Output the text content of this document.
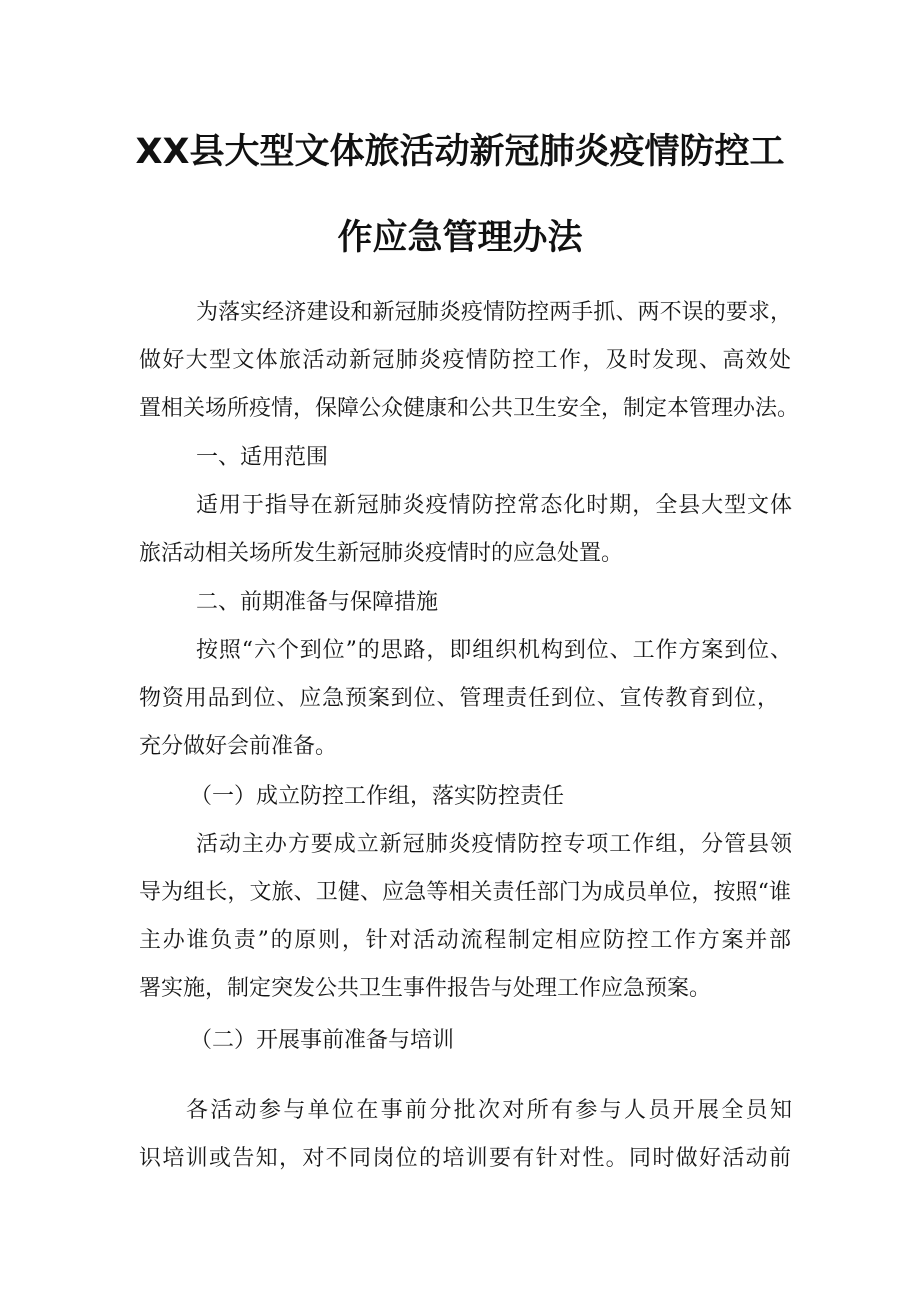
XX县大型文体旅活动新冠肺炎疫情防控工
作应急管理办法
为落实经济建设和新冠肺炎疫情防控两手抓、两不误的要求，
做好大型文体旅活动新冠肺炎疫情防控工作，及时发现、高效处
置相关场所疫情，保障公众健康和公共卫生安全，制定本管理办法。
一、适用范围
适用于指导在新冠肺炎疫情防控常态化时期，全县大型文体
旅活动相关场所发生新冠肺炎疫情时的应急处置。
二、前期准备与保障措施
按照“六个到位”的思路，即组织机构到位、工作方案到位、
物资用品到位、应急预案到位、管理责任到位、宣传教育到位，
充分做好会前准备。
（一）成立防控工作组，落实防控责任
活动主办方要成立新冠肺炎疫情防控专项工作组，分管县领
导为组长，文旅、卫健、应急等相关责任部门为成员单位，按照“谁
主办谁负责”的原则，针对活动流程制定相应防控工作方案并部
署实施，制定突发公共卫生事件报告与处理工作应急预案。
（二）开展事前准备与培训
各活动参与单位在事前分批次对所有参与人员开展全员知
识培训或告知，对不同岗位的培训要有针对性。同时做好活动前
